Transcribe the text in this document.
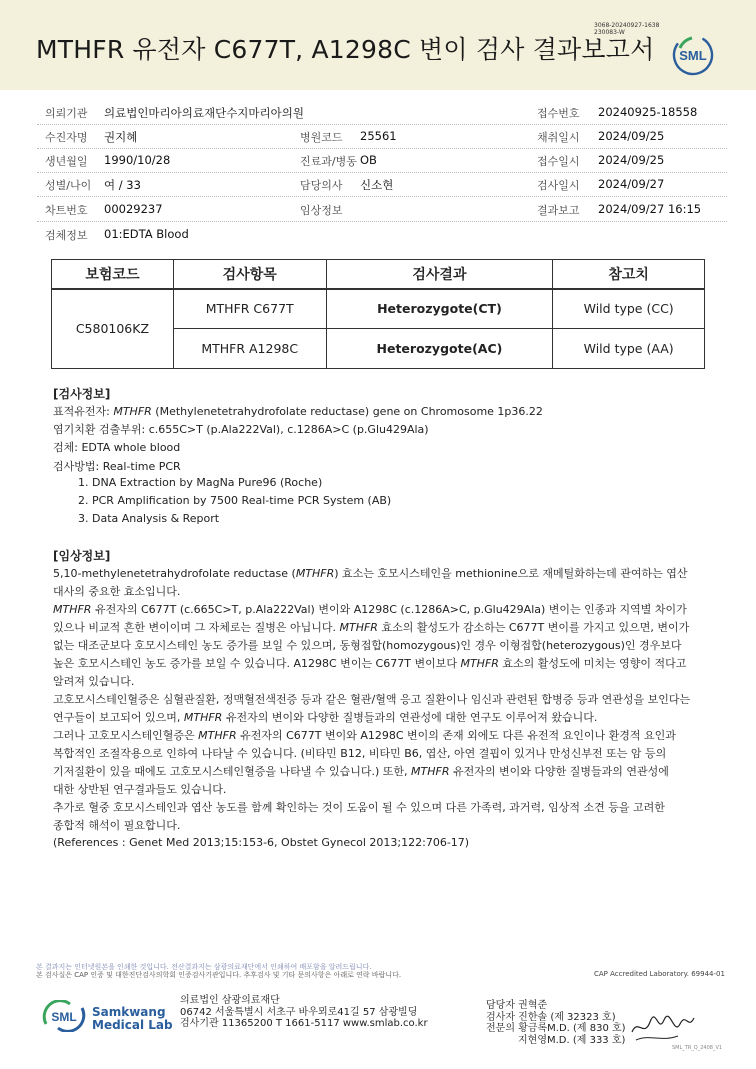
MTHFR 유전자 C677T, A1298C 변이 검사 결과보고서
3068-20240927-1638
230083-W
SML
의뢰기관 의료법인마리아의료재단수지마리아의원	접수번호 20240925-18558
수진자명 권지혜	병원코드 25561	채취일시 2024/09/25
생년월일 1990/10/28	진료과/병동 OB	접수일시 2024/09/25
성별/나이 여 / 33	담당의사 신소현	검사일시 2024/09/27
차트번호 00029237	임상정보	결과보고 2024/09/27 16:15
검체정보 01:EDTA Blood
보험코드	검사항목	검사결과	참고치
C580106KZ	MTHFR C677T	Heterozygote(CT)	Wild type (CC)
	MTHFR A1298C	Heterozygote(AC)	Wild type (AA)
[검사정보]
표적유전자: MTHFR (Methylenetetrahydrofolate reductase) gene on Chromosome 1p36.22
염기치환 검출부위: c.655C>T (p.Ala222Val), c.1286A>C (p.Glu429Ala)
검체: EDTA whole blood
검사방법: Real-time PCR
1. DNA Extraction by MagNa Pure96 (Roche)
2. PCR Amplification by 7500 Real-time PCR System (AB)
3. Data Analysis & Report
[임상정보]
5,10-methylenetetrahydrofolate reductase (MTHFR) 효소는 호모시스테인을 methionine으로 재메틸화하는데 관여하는 엽산
대사의 중요한 효소입니다.
MTHFR 유전자의 C677T (c.665C>T, p.Ala222Val) 변이와 A1298C (c.1286A>C, p.Glu429Ala) 변이는 인종과 지역별 차이가
있으나 비교적 흔한 변이이며 그 자체로는 질병은 아닙니다. MTHFR 효소의 활성도가 감소하는 C677T 변이를 가지고 있으면, 변이가
없는 대조군보다 호모시스테인 농도 증가를 보일 수 있으며, 동형접합(homozygous)인 경우 이형접합(heterozygous)인 경우보다
높은 호모시스테인 농도 증가를 보일 수 있습니다. A1298C 변이는 C677T 변이보다 MTHFR 효소의 활성도에 미치는 영향이 적다고
알려져 있습니다.
고호모시스테인혈증은 심혈관질환, 정맥혈전색전증 등과 같은 혈관/혈액 응고 질환이나 임신과 관련된 합병증 등과 연관성을 보인다는
연구들이 보고되어 있으며, MTHFR 유전자의 변이와 다양한 질병들과의 연관성에 대한 연구도 이루어져 왔습니다.
그러나 고호모시스테인혈증은 MTHFR 유전자의 C677T 변이와 A1298C 변이의 존재 외에도 다른 유전적 요인이나 환경적 요인과
복합적인 조절작용으로 인하여 나타날 수 있습니다. (비타민 B12, 비타민 B6, 엽산, 아연 결핍이 있거나 만성신부전 또는 암 등의
기저질환이 있을 때에도 고호모시스테인혈증을 나타낼 수 있습니다.) 또한, MTHFR 유전자의 변이와 다양한 질병들과의 연관성에
대한 상반된 연구결과들도 있습니다.
추가로 혈중 호모시스테인과 엽산 농도를 함께 확인하는 것이 도움이 될 수 있으며 다른 가족력, 과거력, 임상적 소견 등을 고려한
종합적 해석이 필요합니다.
(References : Genet Med 2013;15:153-6, Obstet Gynecol 2013;122:706-17)
본 결과지는 인터넷원본을 인쇄한 것입니다. 전산결과지는 삼광의료재단에서 인쇄하여 배포함을 알려드립니다.
본 검사실은 CAP 인증 및 대한진단검사의학회 인증검사기관입니다. 추후검사 및 기타 문의사항은 아래로 연락 바랍니다.	CAP Accredited Laboratory. 69944-01
SML Samkwang
Medical Lab
의료법인 삼광의료재단
06742 서울특별시 서초구 바우뫼로41길 57 삼광빌딩
검사기관 11365200 T 1661-5117 www.smlab.co.kr
담당자 권혁준
검사자 진한솔 (제 32323 호)
전문의 황금록M.D. (제 830 호)
지현영M.D. (제 333 호)
SML_TR_Q_2408_V1
